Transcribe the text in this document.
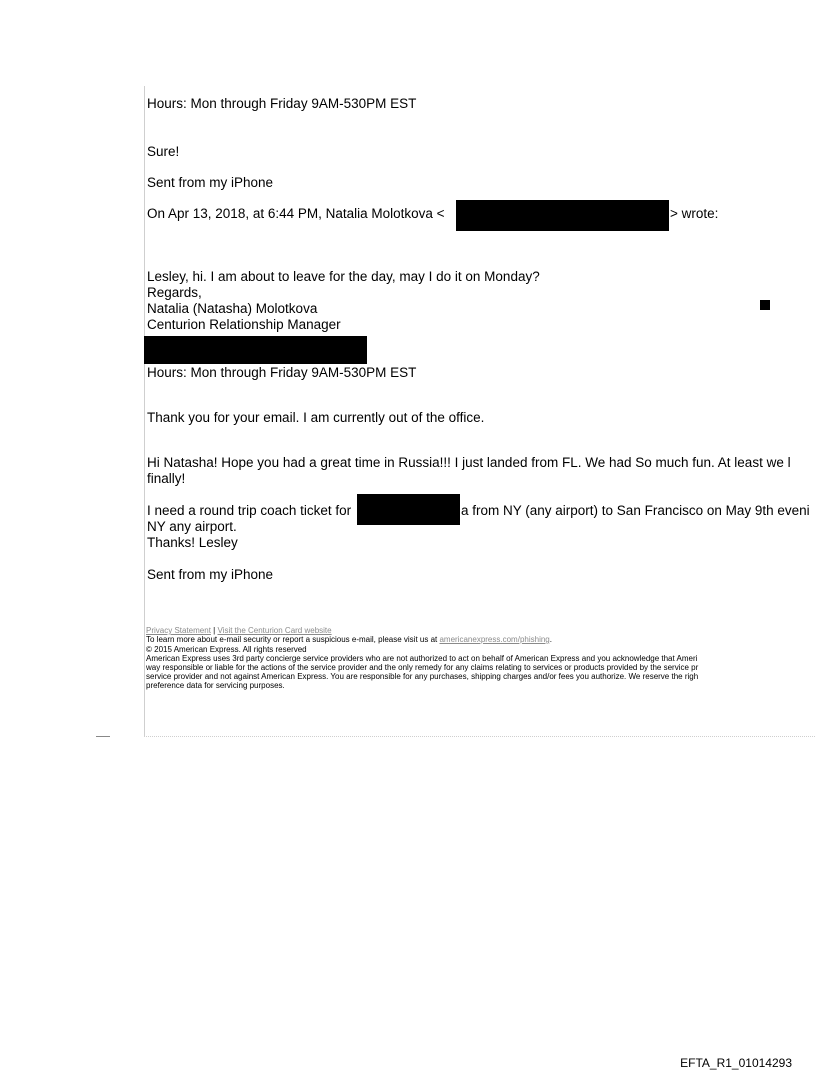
Hours: Mon through Friday 9AM-530PM EST
Sure!
Sent from my iPhone
On Apr 13, 2018, at 6:44 PM, Natalia Molotkova <	> wrote:
Lesley, hi. I am about to leave for the day, may I do it on Monday?
Regards,
Natalia (Natasha) Molotkova
Centurion Relationship Manager
Hours: Mon through Friday 9AM-530PM EST
Thank you for your email. I am currently out of the office.
Hi Natasha! Hope you had a great time in Russia!!! I just landed from FL. We had So much fun. At least we l
finally!
I need a round trip coach ticket for	a from NY (any airport) to San Francisco on May 9th eveni
NY any airport.
Thanks! Lesley
Sent from my iPhone
Privacy Statement | Visit the Centurion Card website
To learn more about e-mail security or report a suspicious e-mail, please visit us at americanexpress.com/phishing.
© 2015 American Express. All rights reserved
American Express uses 3rd party concierge service providers who are not authorized to act on behalf of American Express and you acknowledge that Ameri
way responsible or liable for the actions of the service provider and the only remedy for any claims relating to services or products provided by the service pr
service provider and not against American Express. You are responsible for any purchases, shipping charges and/or fees you authorize. We reserve the righ
preference data for servicing purposes.
EFTA_R1_01014293
